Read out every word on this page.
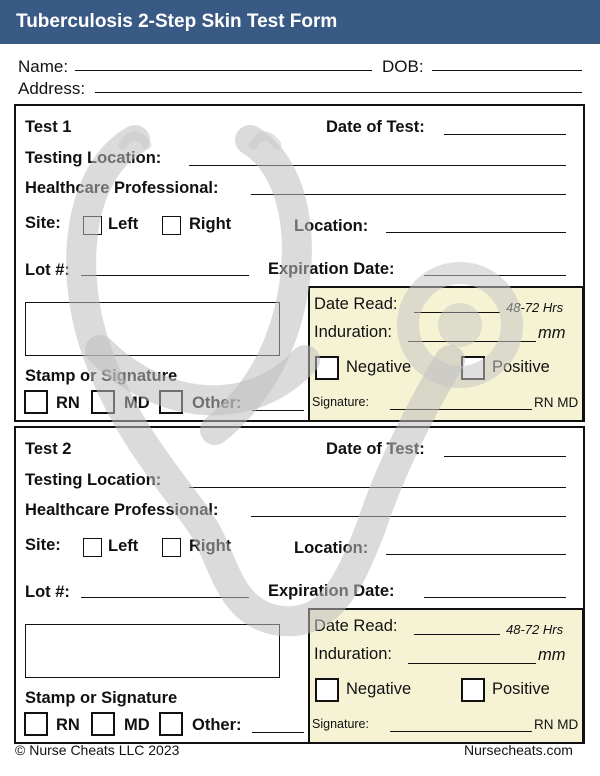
Tuberculosis 2-Step Skin Test Form
Name:	DOB:
Address:
Test 1	Date of Test:
Testing Location:
Healthcare Professional:
Site:	Left	Right	Location:
Lot #:	Expiration Date:
Stamp or Signature
RN	MD	Other:
Date Read:	48-72 Hrs
Induration:	mm
Negative	Positive
Signature:	RN MD
Test 2	Date of Test:
Testing Location:
Healthcare Professional:
Site:	Left	Right	Location:
Lot #:	Expiration Date:
Stamp or Signature
RN	MD	Other:
Date Read:	48-72 Hrs
Induration:	mm
Negative	Positive
Signature:	RN MD
© Nurse Cheats LLC 2023	Nursecheats.com
